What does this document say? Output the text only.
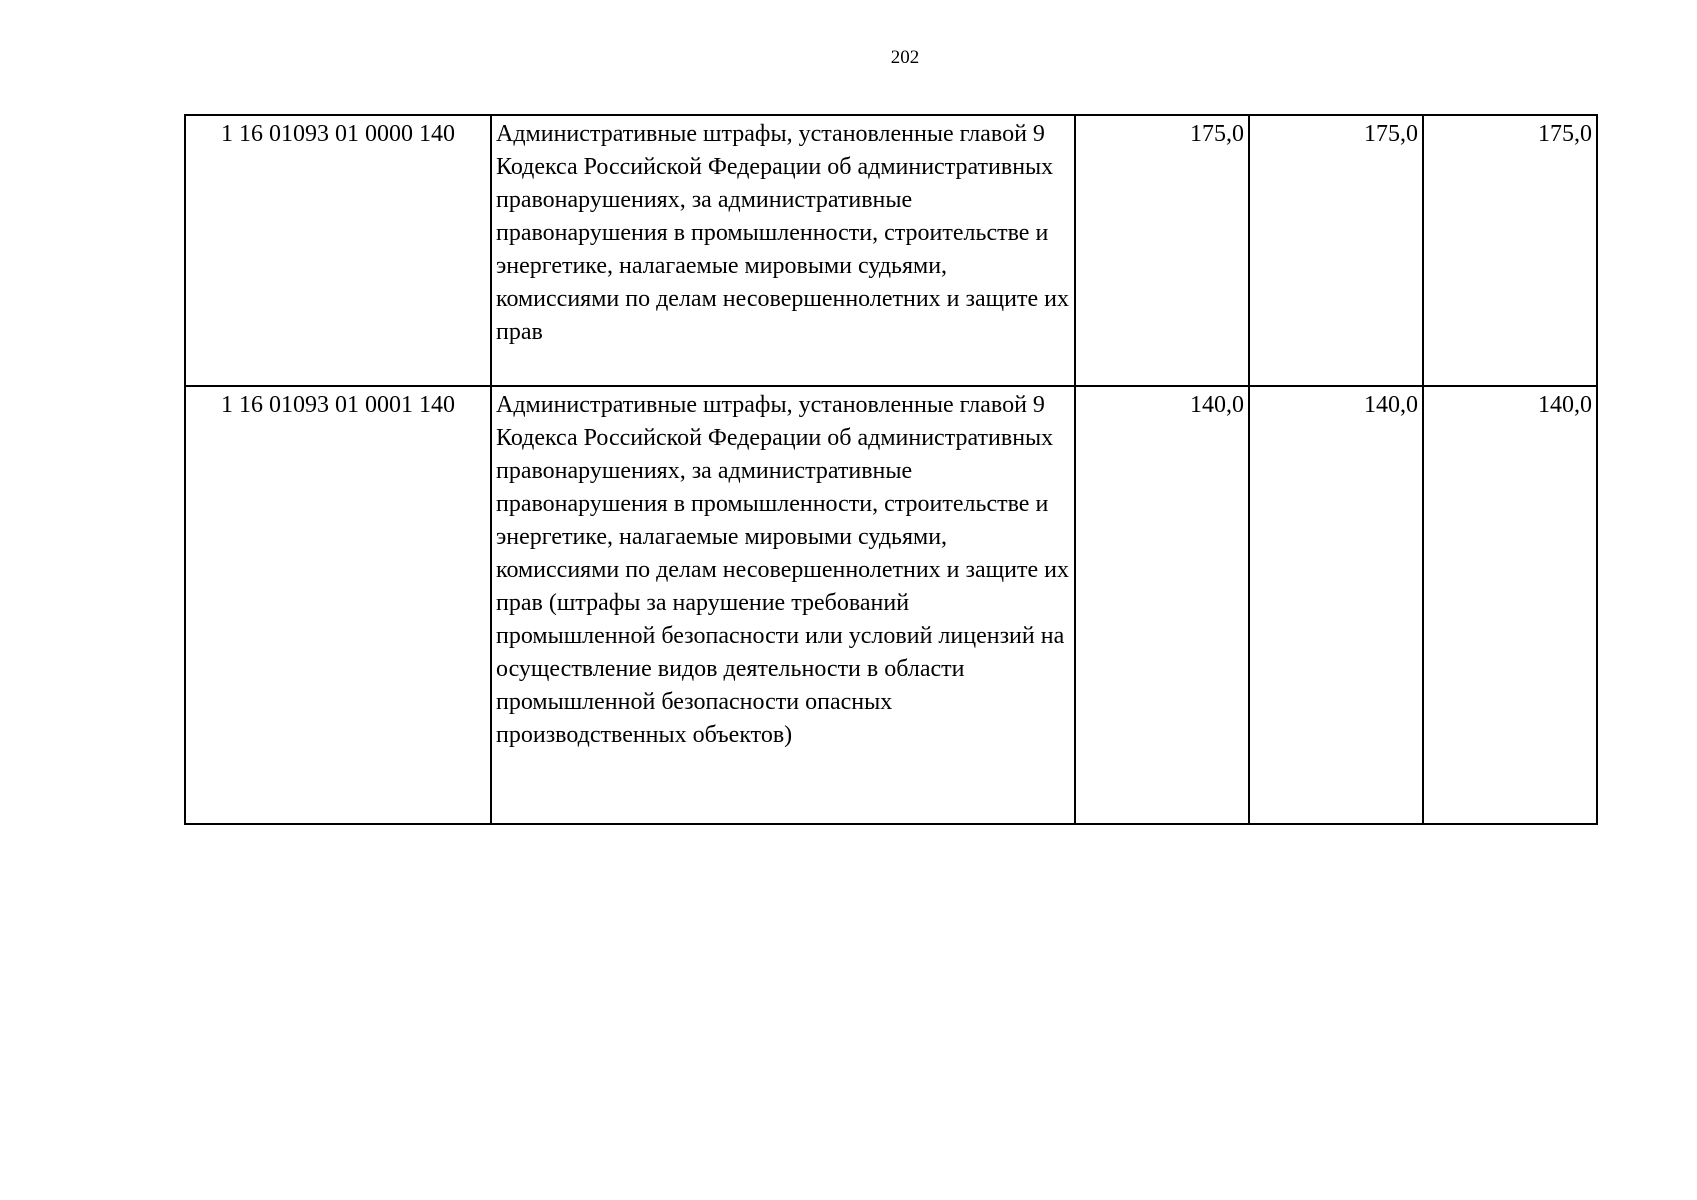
202
1 16 01093 01 0000 140	Административные штрафы, установленные главой 9 Кодекса Российской Федерации об административных правонарушениях, за административные правонарушения в промышленности, строительстве и энергетике, налагаемые мировыми судьями, комиссиями по делам несовершеннолетних и защите их прав	175,0	175,0	175,0
1 16 01093 01 0001 140	Административные штрафы, установленные главой 9 Кодекса Российской Федерации об административных правонарушениях, за административные правонарушения в промышленности, строительстве и энергетике, налагаемые мировыми судьями, комиссиями по делам несовершеннолетних и защите их прав (штрафы за нарушение требований промышленной безопасности или условий лицензий на осуществление видов деятельности в области промышленной безопасности опасных производственных объектов)	140,0	140,0	140,0
